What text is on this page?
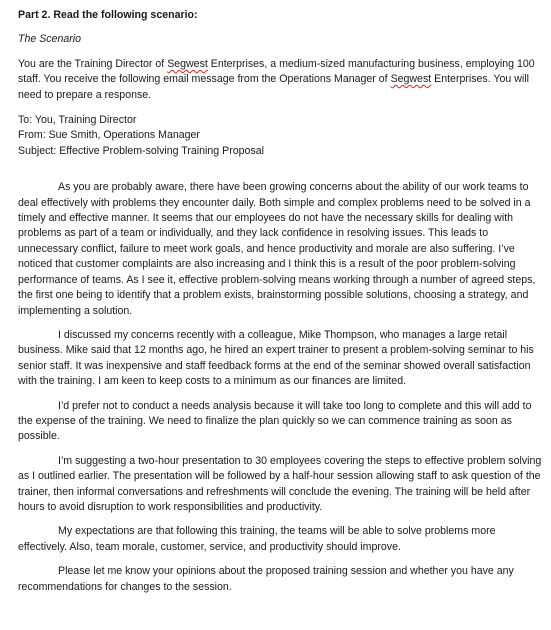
Part 2. Read the following scenario:

The Scenario

You are the Training Director of Segwest Enterprises, a medium-sized manufacturing business, employing 100 staff. You receive the following email message from the Operations Manager of Segwest Enterprises. You will need to prepare a response.

To: You, Training Director
From: Sue Smith, Operations Manager
Subject: Effective Problem-solving Training Proposal

As you are probably aware, there have been growing concerns about the ability of our work teams to deal effectively with problems they encounter daily. Both simple and complex problems need to be solved in a timely and effective manner. It seems that our employees do not have the necessary skills for dealing with problems as part of a team or individually, and they lack confidence in resolving issues. This leads to unnecessary conflict, failure to meet work goals, and hence productivity and morale are also suffering. I’ve noticed that customer complaints are also increasing and I think this is a result of the poor problem-solving performance of teams. As I see it, effective problem-solving means working through a number of agreed steps, the first one being to identify that a problem exists, brainstorming possible solutions, choosing a strategy, and implementing a solution.

I discussed my concerns recently with a colleague, Mike Thompson, who manages a large retail business. Mike said that 12 months ago, he hired an expert trainer to present a problem-solving seminar to his senior staff. It was inexpensive and staff feedback forms at the end of the seminar showed overall satisfaction with the training. I am keen to keep costs to a minimum as our finances are limited.

I’d prefer not to conduct a needs analysis because it will take too long to complete and this will add to the expense of the training. We need to finalize the plan quickly so we can commence training as soon as possible.

I’m suggesting a two-hour presentation to 30 employees covering the steps to effective problem solving as I outlined earlier. The presentation will be followed by a half-hour session allowing staff to ask question of the trainer, then informal conversations and refreshments will conclude the evening. The training will be held after hours to avoid disruption to work responsibilities and productivity.

My expectations are that following this training, the teams will be able to solve problems more effectively. Also, team morale, customer, service, and productivity should improve.

Please let me know your opinions about the proposed training session and whether you have any recommendations for changes to the session.
